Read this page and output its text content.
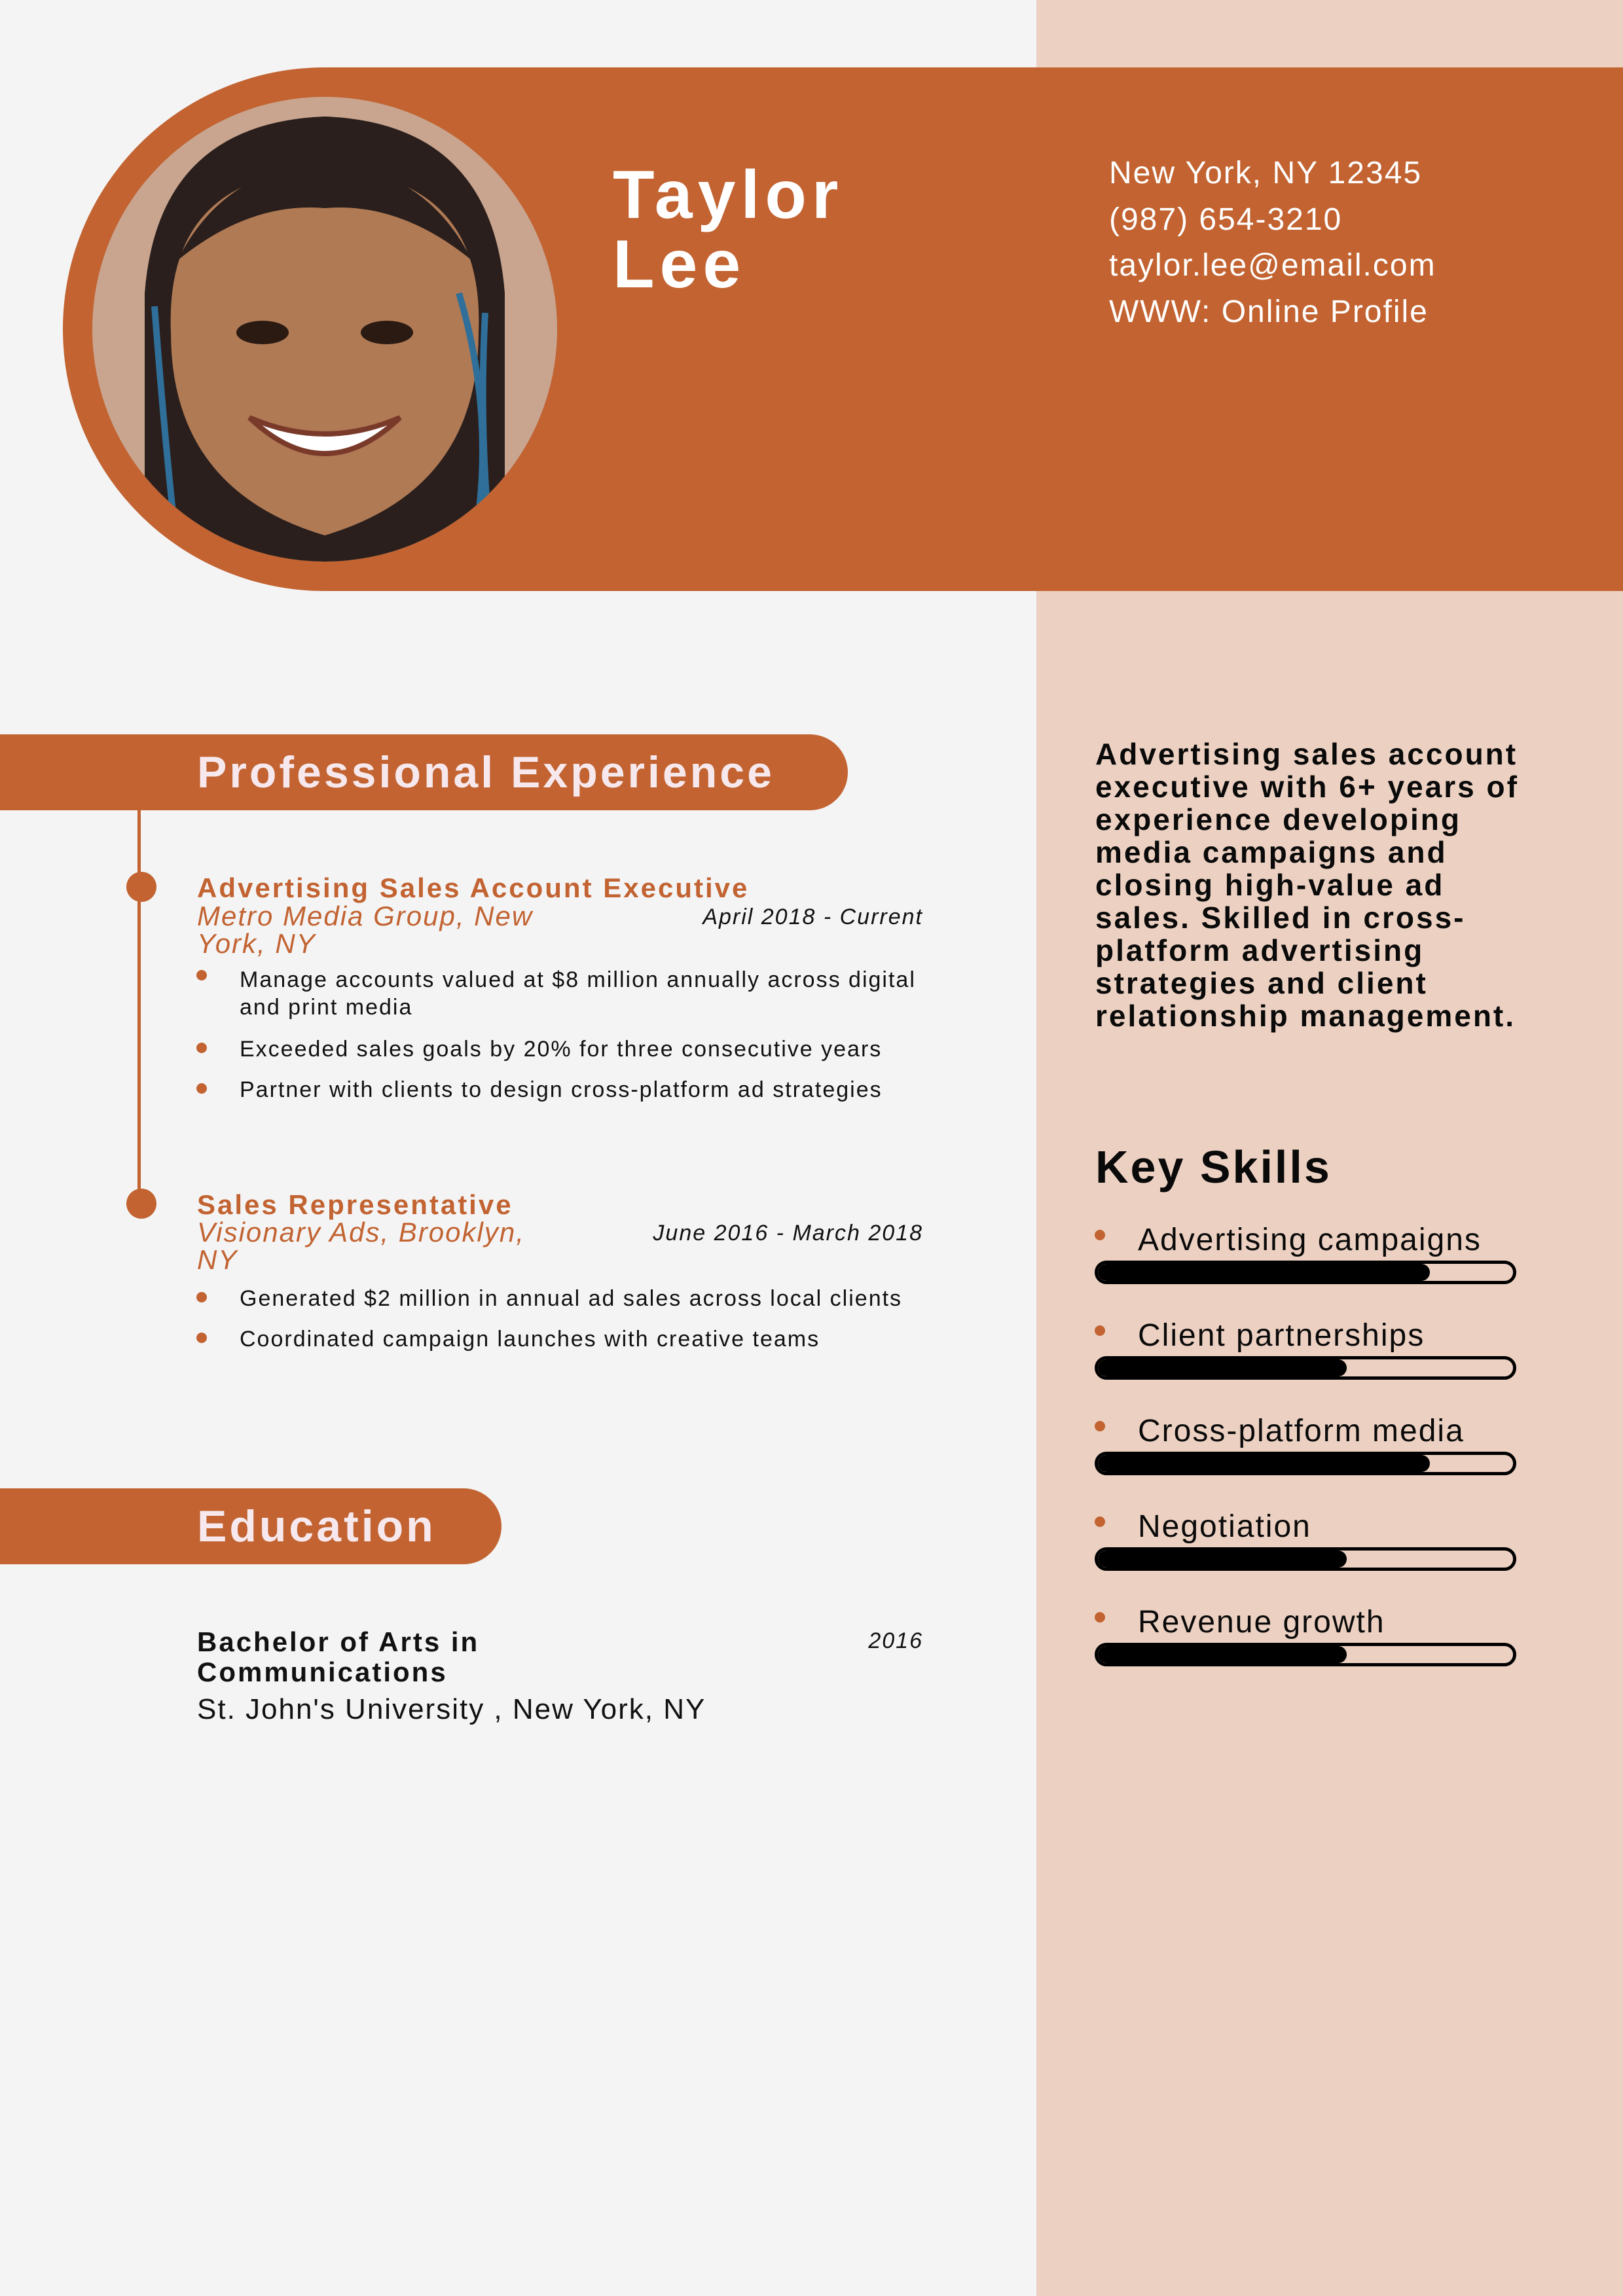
Taylor
Lee
New York, NY 12345
(987) 654-3210
taylor.lee@email.com
WWW: Online Profile
Professional Experience
Advertising Sales Account Executive
Metro Media Group, New York, NY
April 2018 - Current
Manage accounts valued at $8 million annually across digital and print media
Exceeded sales goals by 20% for three consecutive years
Partner with clients to design cross-platform ad strategies
Sales Representative
Visionary Ads, Brooklyn, NY
June 2016 - March 2018
Generated $2 million in annual ad sales across local clients
Coordinated campaign launches with creative teams
Education
Bachelor of Arts in Communications
2016
St. John's University , New York, NY
Advertising sales account executive with 6+ years of experience developing media campaigns and closing high-value ad sales. Skilled in cross-platform advertising strategies and client relationship management.
Key Skills
Advertising campaigns
Client partnerships
Cross-platform media
Negotiation
Revenue growth
